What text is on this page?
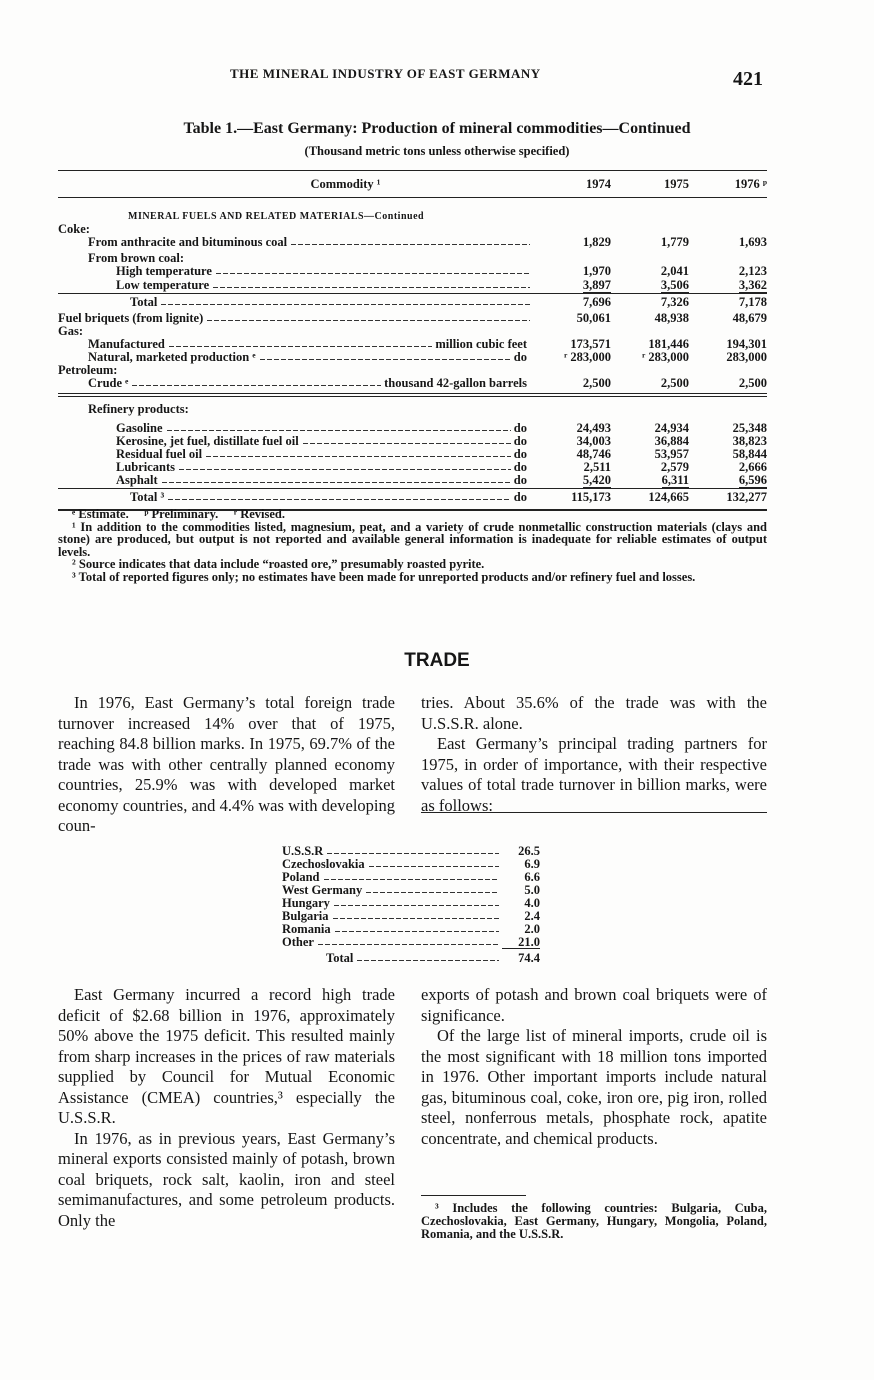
THE MINERAL INDUSTRY OF EAST GERMANY	421
Table 1.—East Germany: Production of mineral commodities—Continued
(Thousand metric tons unless otherwise specified)
Commodity ¹	1974	1975	1976 ᵖ
MINERAL FUELS AND RELATED MATERIALS—Continued
Coke:
From anthracite and bituminous coal	1,829	1,779	1,693
From brown coal:
High temperature	1,970	2,041	2,123
Low temperature	3,897	3,506	3,362
Total	7,696	7,326	7,178
Fuel briquets (from lignite)	50,061	48,938	48,679
Gas:
Manufactured	million cubic feet	173,571	181,446	194,301
Natural, marketed production ᵉ	do	ʳ 283,000	ʳ 283,000	283,000
Petroleum:
Crude ᵉ	thousand 42-gallon barrels	2,500	2,500	2,500
Refinery products:
Gasoline	do	24,493	24,934	25,348
Kerosine, jet fuel, distillate fuel oil	do	34,003	36,884	38,823
Residual fuel oil	do	48,746	53,957	58,844
Lubricants	do	2,511	2,579	2,666
Asphalt	do	5,420	6,311	6,596
Total ³	do	115,173	124,665	132,277

ᵉ Estimate.     ᵖ Preliminary.     ʳ Revised.

¹ In addition to the commodities listed, magnesium, peat, and a variety of crude nonmetallic construction materials (clays and stone) are produced, but output is not reported and available general information is inadequate for reliable estimates of output levels.

² Source indicates that data include “roasted ore,” presumably roasted pyrite.

³ Total of reported figures only; no estimates have been made for unreported products and/or refinery fuel and losses.

TRADE

In 1976, East Germany’s total foreign trade turnover increased 14% over that of 1975, reaching 84.8 billion marks. In 1975, 69.7% of the trade was with other centrally planned economy countries, 25.9% was with developed market economy countries, and 4.4% was with developing coun-

tries. About 35.6% of the trade was with the U.S.S.R. alone.

East Germany’s principal trading partners for 1975, in order of importance, with their respective values of total trade turnover in billion marks, were as follows:

U.S.S.R	26.5
Czechoslovakia	6.9
Poland	6.6
West Germany	5.0
Hungary	4.0
Bulgaria	2.4
Romania	2.0
Other	21.0
Total	74.4

East Germany incurred a record high trade deficit of $2.68 billion in 1976, approximately 50% above the 1975 deficit. This resulted mainly from sharp increases in the prices of raw materials supplied by Council for Mutual Economic Assistance (CMEA) countries,³ especially the U.S.S.R.

In 1976, as in previous years, East Germany’s mineral exports consisted mainly of potash, brown coal briquets, rock salt, kaolin, iron and steel semimanufactures, and some petroleum products. Only the

exports of potash and brown coal briquets were of significance.

Of the large list of mineral imports, crude oil is the most significant with 18 million tons imported in 1976. Other important imports include natural gas, bituminous coal, coke, iron ore, pig iron, rolled steel, nonferrous metals, phosphate rock, apatite concentrate, and chemical products.

³ Includes the following countries: Bulgaria, Cuba, Czechoslovakia, East Germany, Hungary, Mongolia, Poland, Romania, and the U.S.S.R.
